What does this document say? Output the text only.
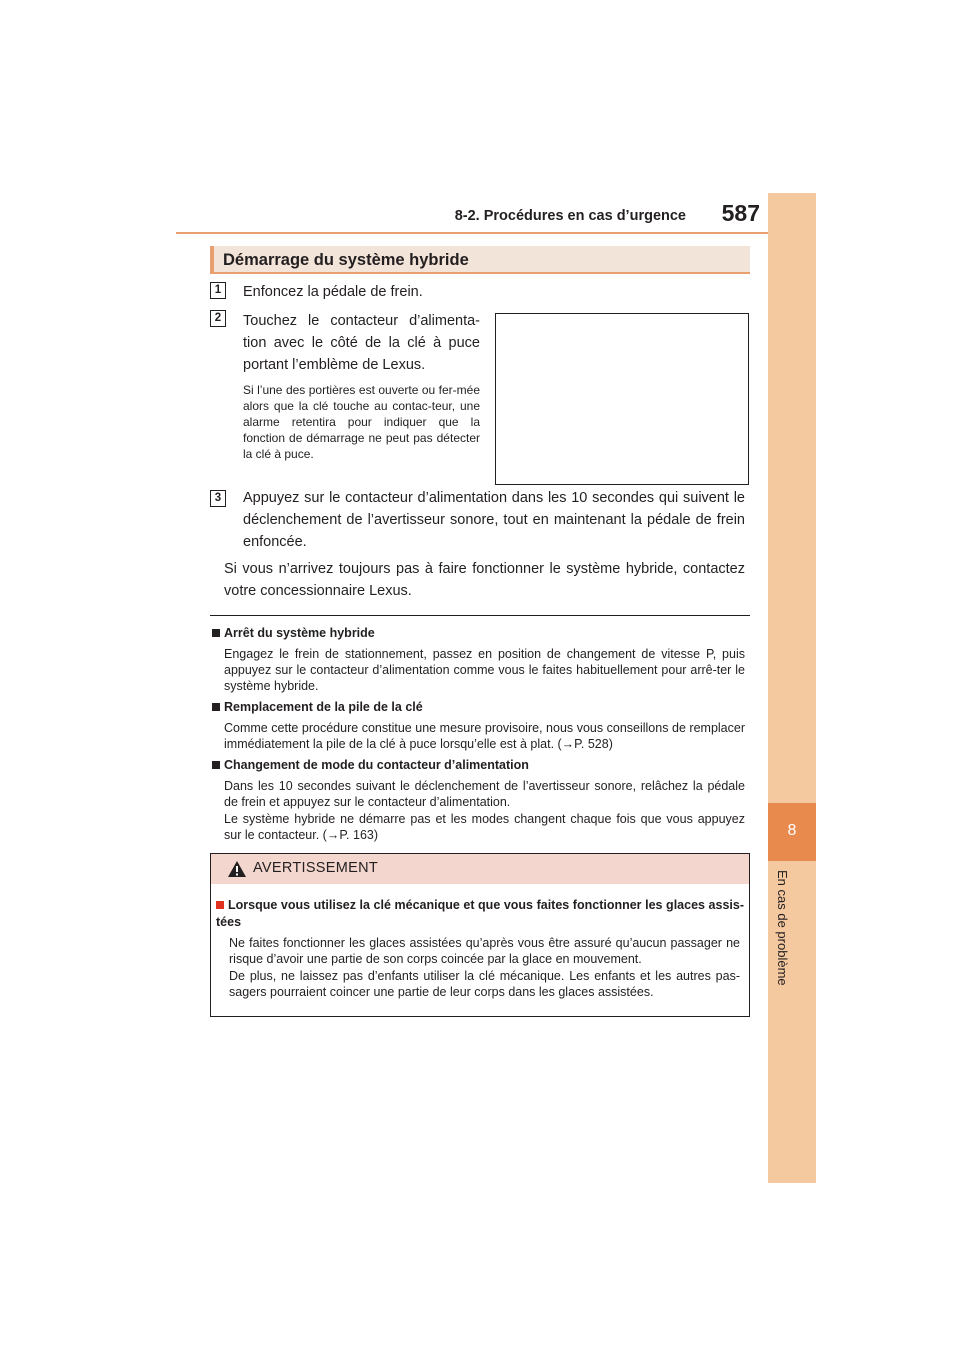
8-2. Procédures en cas d’urgence	587
8
En cas de problème
Démarrage du système hybride
1	Enfoncez la pédale de frein.
2	Touchez le contacteur d’alimenta-
tion avec le côté de la clé à puce
portant l’emblème de Lexus.
Si l’une des portières est ouverte ou fer-mée alors que la clé touche au contac-teur, une alarme retentira pour indiquer que la fonction de démarrage ne peut pas détecter la clé à puce.
3	Appuyez sur le contacteur d’alimentation dans les 10 secondes qui suivent le déclenchement de l’avertisseur sonore, tout en maintenant la pédale de frein enfoncée.
Si vous n’arrivez toujours pas à faire fonctionner le système hybride, contactez votre concessionnaire Lexus.
Arrêt du système hybride
Engagez le frein de stationnement, passez en position de changement de vitesse P, puis appuyez sur le contacteur d’alimentation comme vous le faites habituellement pour arrê-ter le système hybride.
Remplacement de la pile de la clé
Comme cette procédure constitue une mesure provisoire, nous vous conseillons de remplacer immédiatement la pile de la clé à puce lorsqu’elle est à plat. (→P. 528)
Changement de mode du contacteur d’alimentation
Dans les 10 secondes suivant le déclenchement de l’avertisseur sonore, relâchez la pédale de frein et appuyez sur le contacteur d’alimentation.
Le système hybride ne démarre pas et les modes changent chaque fois que vous appuyez sur le contacteur. (→P. 163)
AVERTISSEMENT
Lorsque vous utilisez la clé mécanique et que vous faites fonctionner les glaces assis-tées
Ne faites fonctionner les glaces assistées qu’après vous être assuré qu’aucun passager ne risque d’avoir une partie de son corps coincée par la glace en mouvement.
De plus, ne laissez pas d’enfants utiliser la clé mécanique. Les enfants et les autres pas-sagers pourraient coincer une partie de leur corps dans les glaces assistées.
